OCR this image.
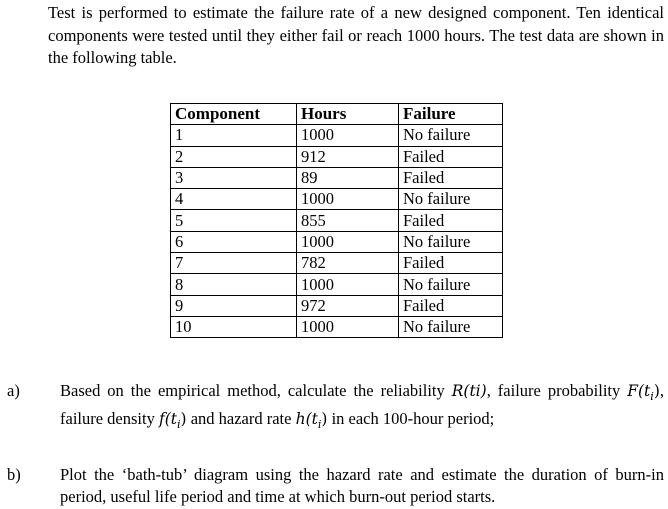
Test is performed to estimate the failure rate of a new designed component. Ten identical components were tested until they either fail or reach 1000 hours. The test data are shown in the following table.

Component	Hours	Failure
1	1000	No failure
2	912	Failed
3	89	Failed
4	1000	No failure
5	855	Failed
6	1000	No failure
7	782	Failed
8	1000	No failure
9	972	Failed
10	1000	No failure
a) Based on the empirical method, calculate the reliability R(ti), failure probability $F(t_i)$, failure density $f(t_i)$ and hazard rate $h(t_i)$ in each 100-hour period;

b) Plot the ‘bath-tub’ diagram using the hazard rate and estimate the duration of burn-in period, useful life period and time at which burn-out period starts.
